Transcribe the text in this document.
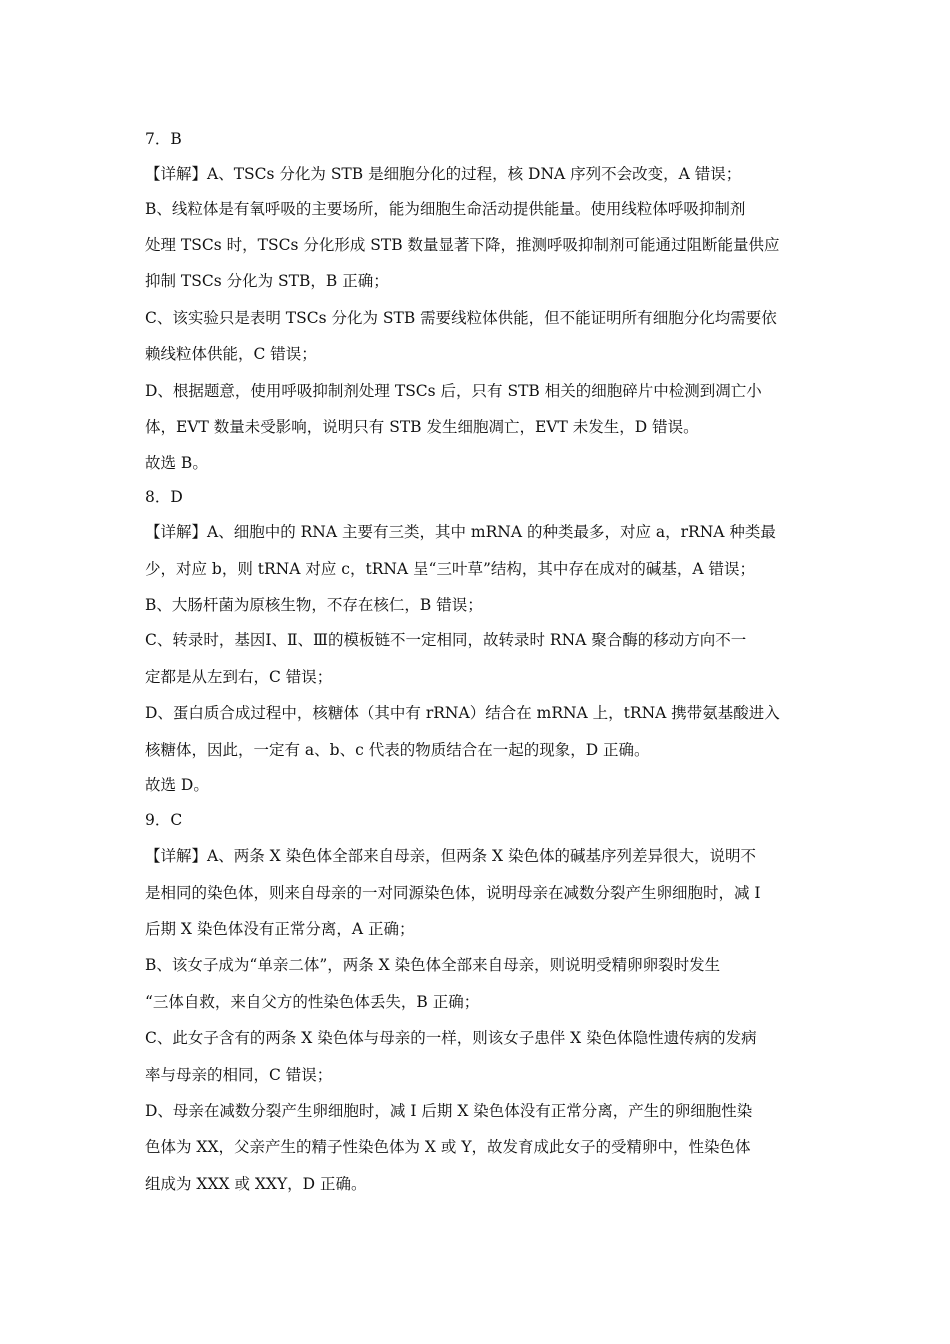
7．B
【详解】A、TSCs 分化为 STB 是细胞分化的过程，核 DNA 序列不会改变，A 错误；
B、线粒体是有氧呼吸的主要场所，能为细胞生命活动提供能量。使用线粒体呼吸抑制剂
处理 TSCs 时，TSCs 分化形成 STB 数量显著下降，推测呼吸抑制剂可能通过阻断能量供应
抑制 TSCs 分化为 STB，B 正确；
C、该实验只是表明 TSCs 分化为 STB 需要线粒体供能，但不能证明所有细胞分化均需要依
赖线粒体供能，C 错误；
D、根据题意，使用呼吸抑制剂处理 TSCs 后，只有 STB 相关的细胞碎片中检测到凋亡小
体，EVT 数量未受影响，说明只有 STB 发生细胞凋亡，EVT 未发生，D 错误。
故选 B。
8．D
【详解】A、细胞中的 RNA 主要有三类，其中 mRNA 的种类最多，对应 a，rRNA 种类最
少，对应 b，则 tRNA 对应 c，tRNA 呈“三叶草”结构，其中存在成对的碱基，A 错误；
B、大肠杆菌为原核生物，不存在核仁，B 错误；
C、转录时，基因Ⅰ、Ⅱ、Ⅲ的模板链不一定相同，故转录时 RNA 聚合酶的移动方向不一
定都是从左到右，C 错误；
D、蛋白质合成过程中，核糖体（其中有 rRNA）结合在 mRNA 上，tRNA 携带氨基酸进入
核糖体，因此，一定有 a、b、c 代表的物质结合在一起的现象，D 正确。
故选 D。
9．C
【详解】A、两条 X 染色体全部来自母亲，但两条 X 染色体的碱基序列差异很大，说明不
是相同的染色体，则来自母亲的一对同源染色体，说明母亲在减数分裂产生卵细胞时，减 I
后期 X 染色体没有正常分离，A 正确；
B、该女子成为“单亲二体”，两条 X 染色体全部来自母亲，则说明受精卵卵裂时发生
“三体自救，来自父方的性染色体丢失，B 正确；
C、此女子含有的两条 X 染色体与母亲的一样，则该女子患伴 X 染色体隐性遗传病的发病
率与母亲的相同，C 错误；
D、母亲在减数分裂产生卵细胞时，减 I 后期 X 染色体没有正常分离，产生的卵细胞性染
色体为 XX，父亲产生的精子性染色体为 X 或 Y，故发育成此女子的受精卵中，性染色体
组成为 XXX 或 XXY，D 正确。
